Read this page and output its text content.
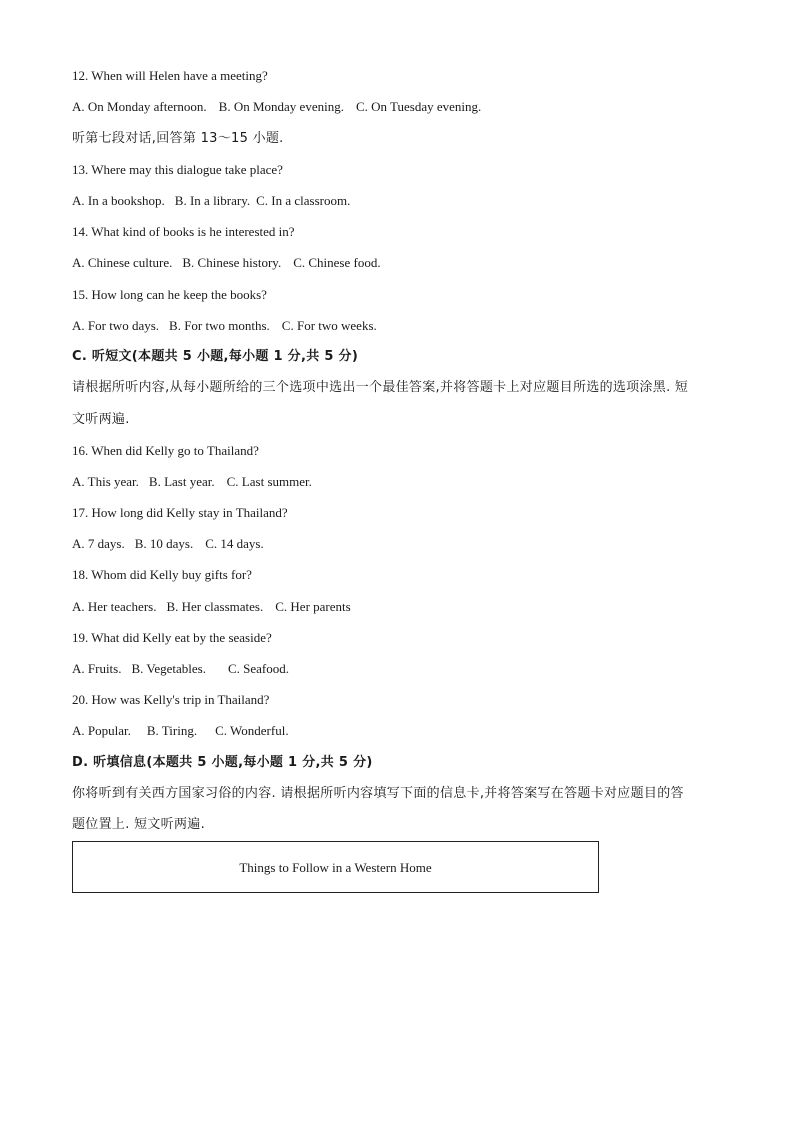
12. When will Helen have a meeting?
A. On Monday afternoon. B. On Monday evening. C. On Tuesday evening.
听第七段对话,回答第 13～15 小题.
13. Where may this dialogue take place?
A. In a bookshop. B. In a library. C. In a classroom.
14. What kind of books is he interested in?
A. Chinese culture. B. Chinese history. C. Chinese food.
15. How long can he keep the books?
A. For two days. B. For two months. C. For two weeks.
C. 听短文(本题共 5 小题,每小题 1 分,共 5 分)
请根据所听内容,从每小题所给的三个选项中选出一个最佳答案,并将答题卡上对应题目所选的选项涂黑. 短
文听两遍.
16. When did Kelly go to Thailand?
A. This year. B. Last year. C. Last summer.
17. How long did Kelly stay in Thailand?
A. 7 days. B. 10 days. C. 14 days.
18. Whom did Kelly buy gifts for?
A. Her teachers. B. Her classmates. C. Her parents
19. What did Kelly eat by the seaside?
A. Fruits. B. Vegetables. C. Seafood.
20. How was Kelly's trip in Thailand?
A. Popular. B. Tiring. C. Wonderful.
D. 听填信息(本题共 5 小题,每小题 1 分,共 5 分)
你将听到有关西方国家习俗的内容. 请根据所听内容填写下面的信息卡,并将答案写在答题卡对应题目的答
题位置上. 短文听两遍.
Things to Follow in a Western Home
